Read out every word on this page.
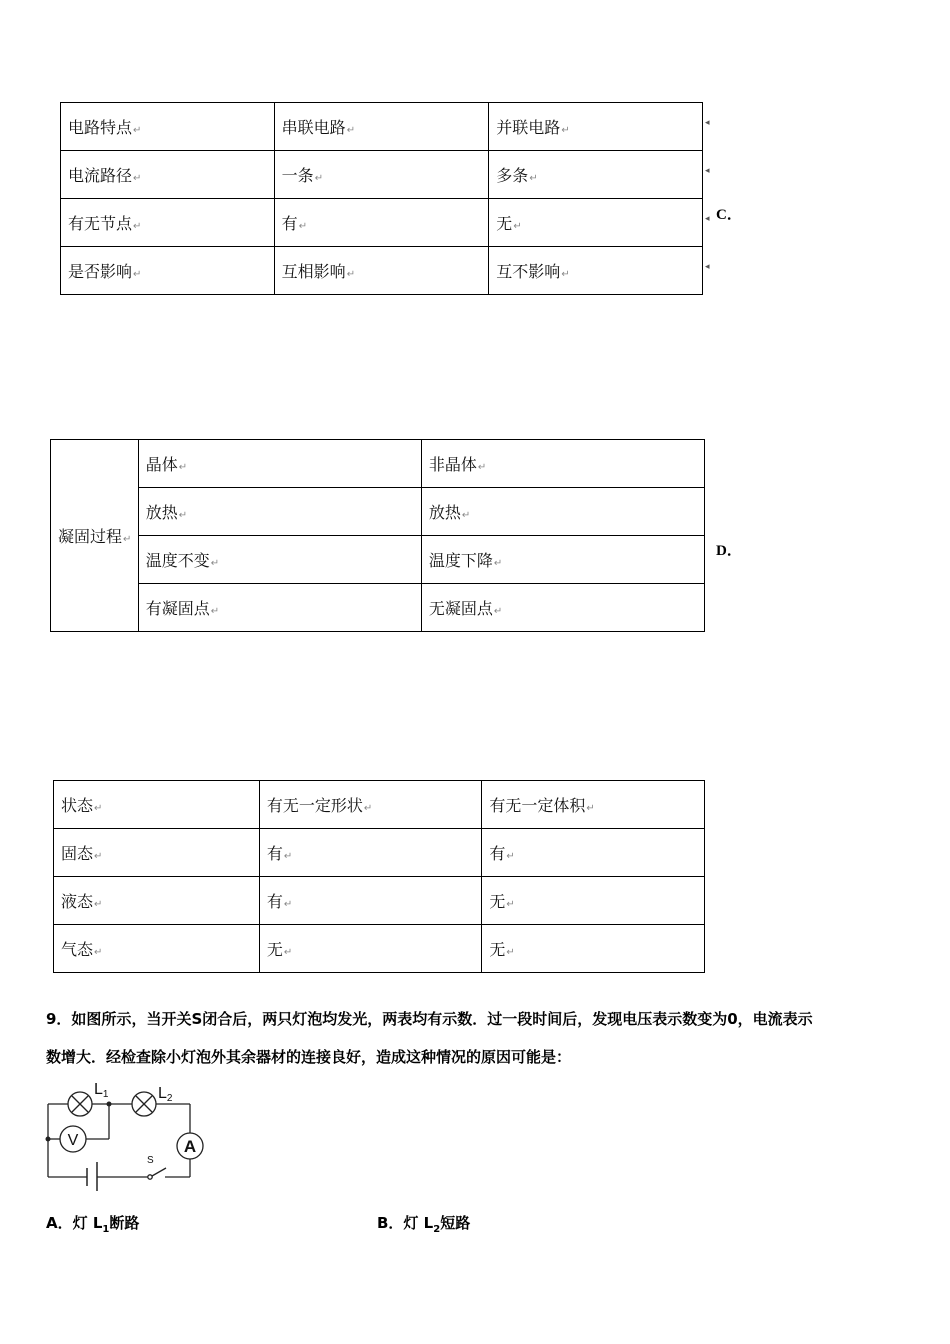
电路特点↵	串联电路↵	并联电路↵
电流路径↵	一条↵	多条↵
有无节点↵	有↵	无↵
是否影响↵	互相影响↵	互不影响↵
◂
◂
◂
◂
C．
凝固过程↵	晶体↵	非晶体↵
	放热↵	放热↵
	温度不变↵	温度下降↵
	有凝固点↵	无凝固点↵
D．
状态↵	有无一定形状↵	有无一定体积↵
固态↵	有↵	有↵
液态↵	有↵	无↵
气态↵	无↵	无↵
9．如图所示，当开关S闭合后，两只灯泡均发光，两表均有示数．过一段时间后，发现电压表示数变为0，电流表示
数增大．经检查除小灯泡外其余器材的连接良好，造成这种情况的原因可能是：
V	A
S
L1	L2
A．灯 $L_1$断路	B．灯 $L_2$短路
